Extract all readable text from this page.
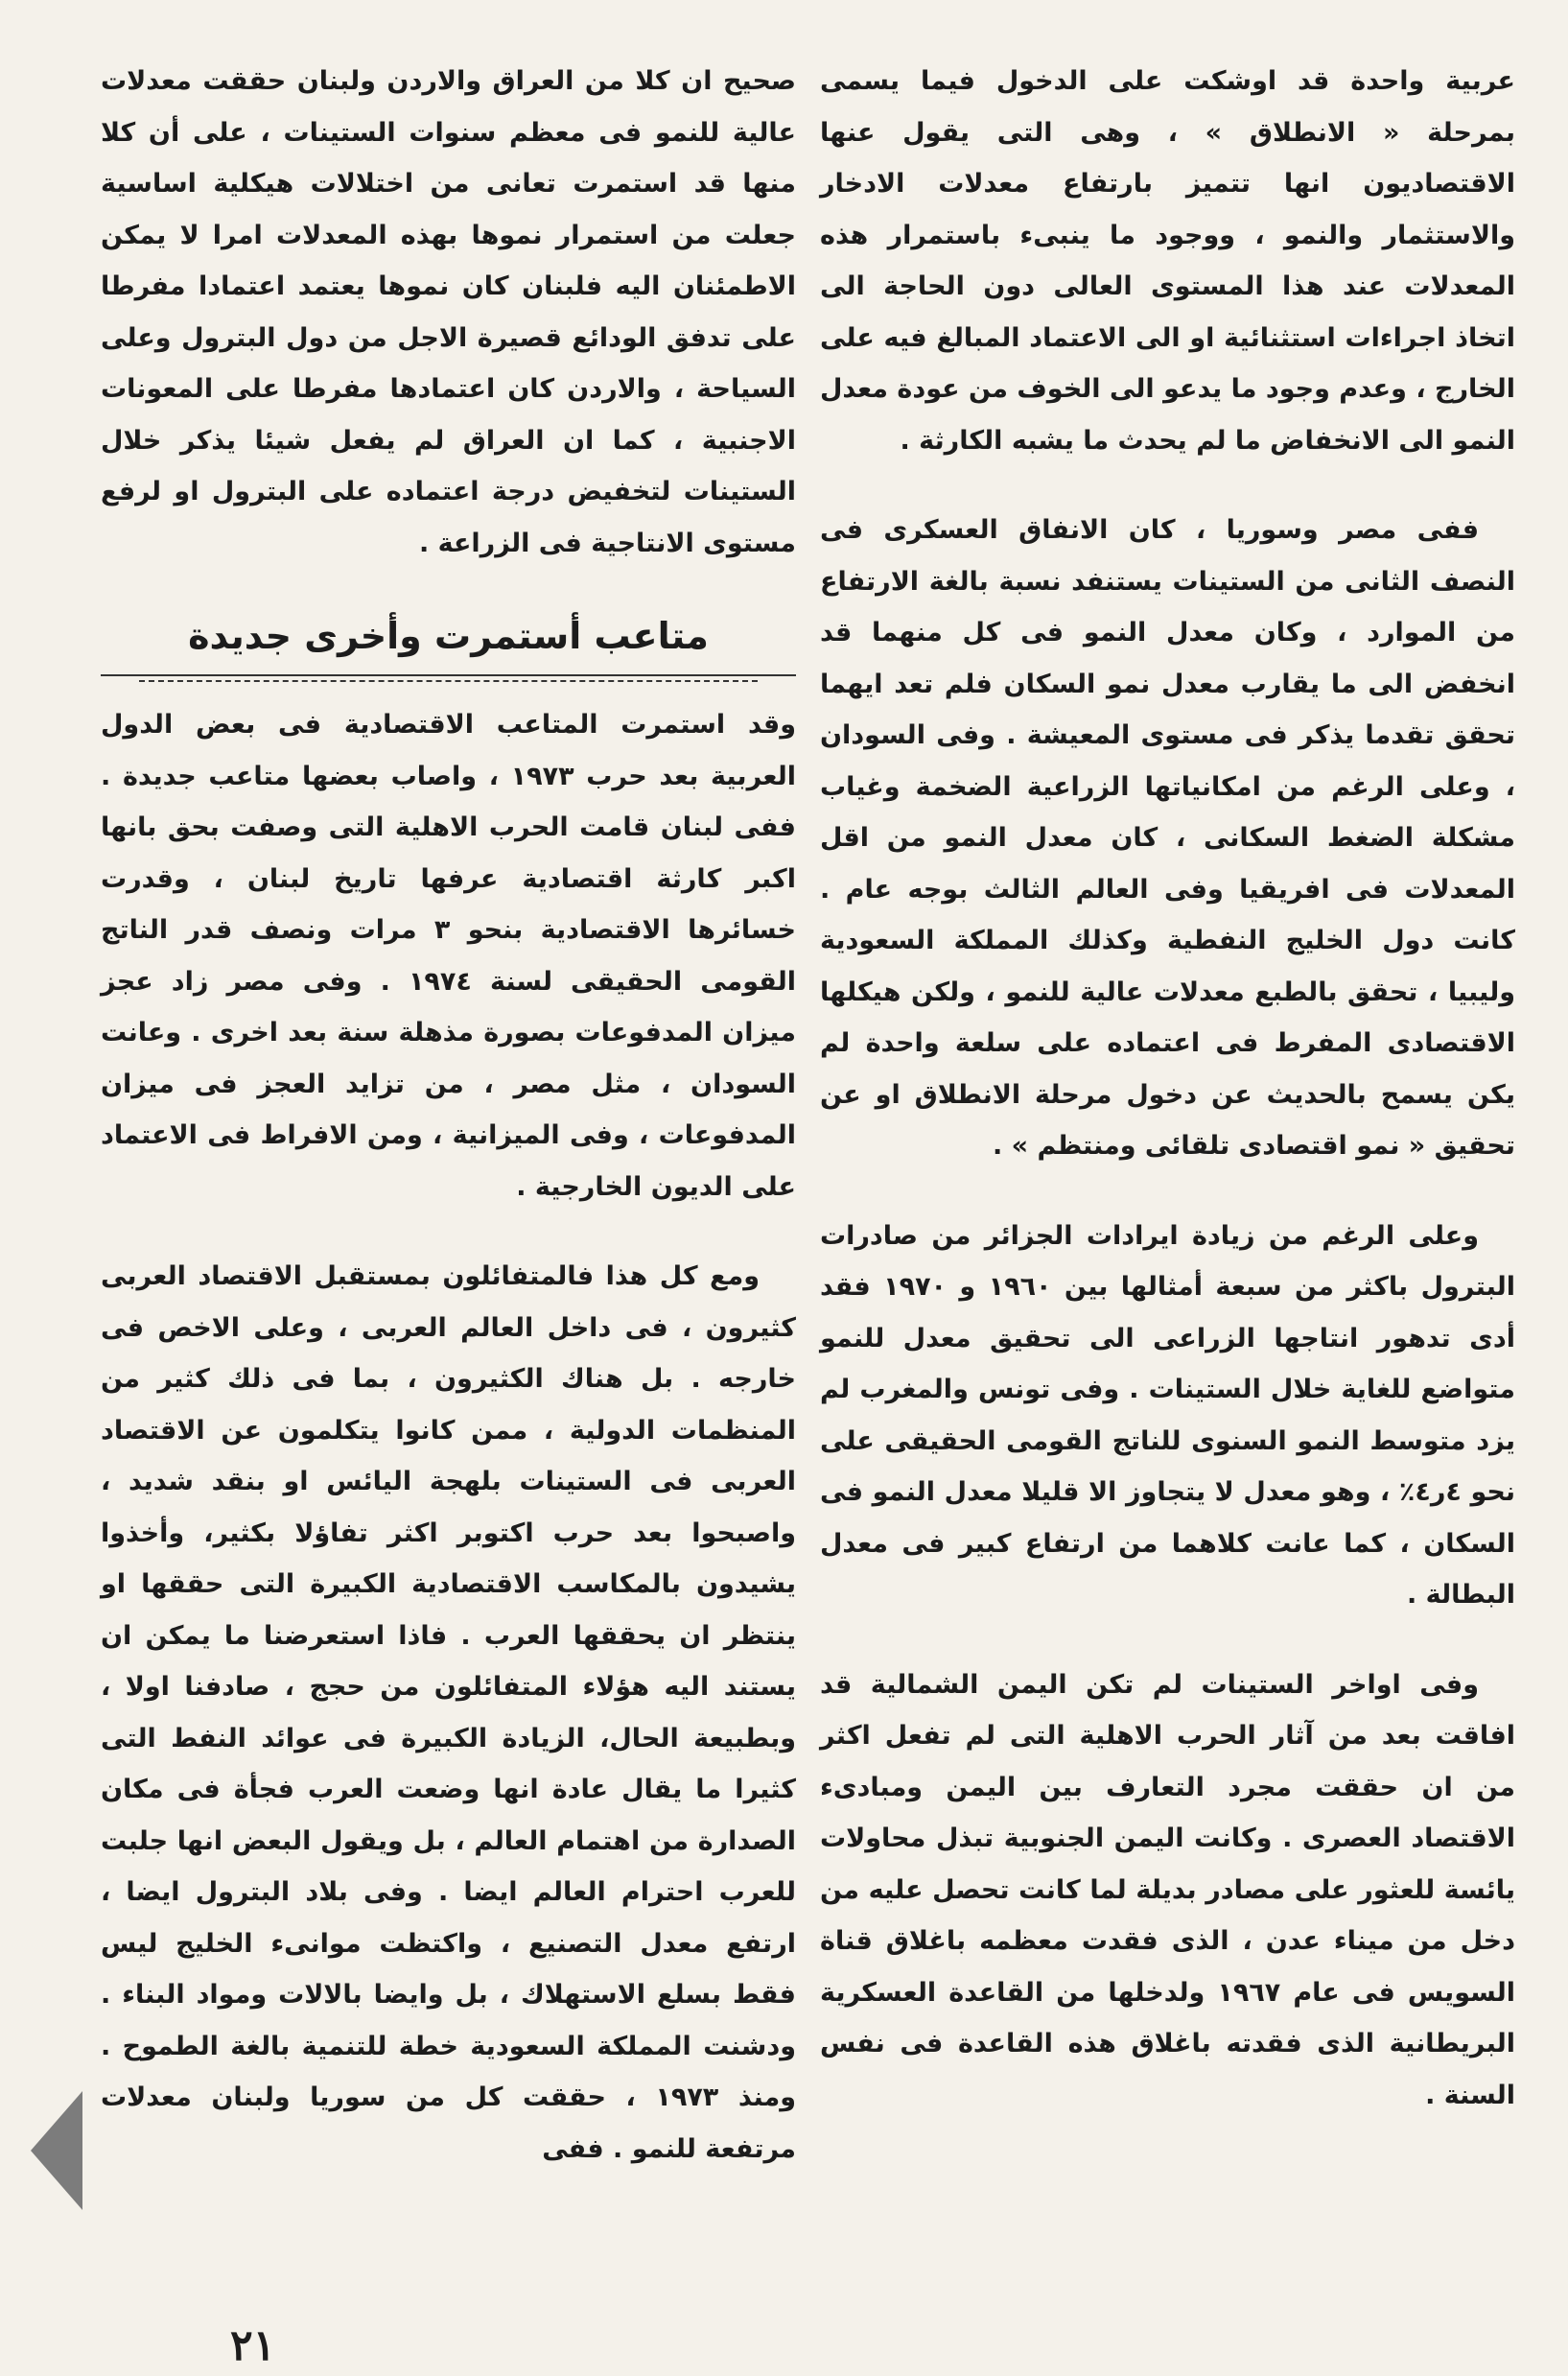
عربية واحدة قد اوشكت على الدخول فيما يسمى بمرحلة « الانطلاق » ، وهى التى يقول عنها الاقتصاديون انها تتميز بارتفاع معدلات الادخار والاستثمار والنمو ، ووجود ما ينبىء باستمرار هذه المعدلات عند هذا المستوى العالى دون الحاجة الى اتخاذ اجراءات استثنائية او الى الاعتماد المبالغ فيه على الخارج ، وعدم وجود ما يدعو الى الخوف من عودة معدل النمو الى الانخفاض ما لم يحدث ما يشبه الكارثة .

ففى مصر وسوريا ، كان الانفاق العسكرى فى النصف الثانى من الستينات يستنفد نسبة بالغة الارتفاع من الموارد ، وكان معدل النمو فى كل منهما قد انخفض الى ما يقارب معدل نمو السكان فلم تعد ايهما تحقق تقدما يذكر فى مستوى المعيشة . وفى السودان ، وعلى الرغم من امكانياتها الزراعية الضخمة وغياب مشكلة الضغط السكانى ، كان معدل النمو من اقل المعدلات فى افريقيا وفى العالم الثالث بوجه عام . كانت دول الخليج النفطية وكذلك المملكة السعودية وليبيا ، تحقق بالطبع معدلات عالية للنمو ، ولكن هيكلها الاقتصادى المفرط فى اعتماده على سلعة واحدة لم يكن يسمح بالحديث عن دخول مرحلة الانطلاق او عن تحقيق « نمو اقتصادى تلقائى ومنتظم » .

وعلى الرغم من زيادة ايرادات الجزائر من صادرات البترول باكثر من سبعة أمثالها بين ١٩٦٠ و ١٩٧٠ فقد أدى تدهور انتاجها الزراعى الى تحقيق معدل للنمو متواضع للغاية خلال الستينات . وفى تونس والمغرب لم يزد متوسط النمو السنوى للناتج القومى الحقيقى على نحو ٤ر٤٪ ، وهو معدل لا يتجاوز الا قليلا معدل النمو فى السكان ، كما عانت كلاهما من ارتفاع كبير فى معدل البطالة .

وفى اواخر الستينات لم تكن اليمن الشمالية قد افاقت بعد من آثار الحرب الاهلية التى لم تفعل اكثر من ان حققت مجرد التعارف بين اليمن ومبادىء الاقتصاد العصرى . وكانت اليمن الجنوبية تبذل محاولات يائسة للعثور على مصادر بديلة لما كانت تحصل عليه من دخل من ميناء عدن ، الذى فقدت معظمه باغلاق قناة السويس فى عام ١٩٦٧ ولدخلها من القاعدة العسكرية البريطانية الذى فقدته باغلاق هذه القاعدة فى نفس السنة .

صحيح ان كلا من العراق والاردن ولبنان حققت معدلات عالية للنمو فى معظم سنوات الستينات ، على أن كلا منها قد استمرت تعانى من اختلالات هيكلية اساسية جعلت من استمرار نموها بهذه المعدلات امرا لا يمكن الاطمئنان اليه فلبنان كان نموها يعتمد اعتمادا مفرطا على تدفق الودائع قصيرة الاجل من دول البترول وعلى السياحة ، والاردن كان اعتمادها مفرطا على المعونات الاجنبية ، كما ان العراق لم يفعل شيئا يذكر خلال الستينات لتخفيض درجة اعتماده على البترول او لرفع مستوى الانتاجية فى الزراعة .

متاعب أستمرت وأخرى جديدة

وقد استمرت المتاعب الاقتصادية فى بعض الدول العربية بعد حرب ١٩٧٣ ، واصاب بعضها متاعب جديدة . ففى لبنان قامت الحرب الاهلية التى وصفت بحق بانها اكبر كارثة اقتصادية عرفها تاريخ لبنان ، وقدرت خسائرها الاقتصادية بنحو ٣ مرات ونصف قدر الناتج القومى الحقيقى لسنة ١٩٧٤ . وفى مصر زاد عجز ميزان المدفوعات بصورة مذهلة سنة بعد اخرى . وعانت السودان ، مثل مصر ، من تزايد العجز فى ميزان المدفوعات ، وفى الميزانية ، ومن الافراط فى الاعتماد على الديون الخارجية .

ومع كل هذا فالمتفائلون بمستقبل الاقتصاد العربى كثيرون ، فى داخل العالم العربى ، وعلى الاخص فى خارجه . بل هناك الكثيرون ، بما فى ذلك كثير من المنظمات الدولية ، ممن كانوا يتكلمون عن الاقتصاد العربى فى الستينات بلهجة اليائس او بنقد شديد ، واصبحوا بعد حرب اكتوبر اكثر تفاؤلا بكثير، وأخذوا يشيدون بالمكاسب الاقتصادية الكبيرة التى حققها او ينتظر ان يحققها العرب . فاذا استعرضنا ما يمكن ان يستند اليه هؤلاء المتفائلون من حجج ، صادفنا اولا ، وبطبيعة الحال، الزيادة الكبيرة فى عوائد النفط التى كثيرا ما يقال عادة انها وضعت العرب فجأة فى مكان الصدارة من اهتمام العالم ، بل ويقول البعض انها جلبت للعرب احترام العالم ايضا . وفى بلاد البترول ايضا ، ارتفع معدل التصنيع ، واكتظت موانىء الخليج ليس فقط بسلع الاستهلاك ، بل وايضا بالالات ومواد البناء . ودشنت المملكة السعودية خطة للتنمية بالغة الطموح . ومنذ ١٩٧٣ ، حققت كل من سوريا ولبنان معدلات مرتفعة للنمو . ففى

٢١
